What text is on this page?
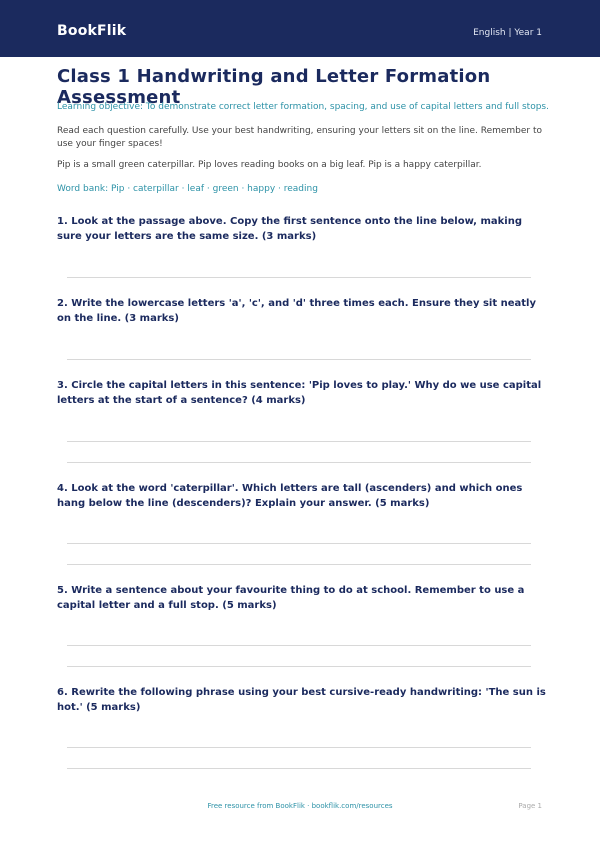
BookFlik	English | Year 1
Class 1 Handwriting and Letter Formation Assessment
Learning objective: To demonstrate correct letter formation, spacing, and use of capital letters and full stops.
Read each question carefully. Use your best handwriting, ensuring your letters sit on the line. Remember to use your finger spaces!
Pip is a small green caterpillar. Pip loves reading books on a big leaf. Pip is a happy caterpillar.
Word bank: Pip · caterpillar · leaf · green · happy · reading
1. Look at the passage above. Copy the first sentence onto the line below, making sure your letters are the same size. (3 marks)
2. Write the lowercase letters 'a', 'c', and 'd' three times each. Ensure they sit neatly on the line. (3 marks)
3. Circle the capital letters in this sentence: 'Pip loves to play.' Why do we use capital letters at the start of a sentence? (4 marks)
4. Look at the word 'caterpillar'. Which letters are tall (ascenders) and which ones hang below the line (descenders)? Explain your answer. (5 marks)
5. Write a sentence about your favourite thing to do at school. Remember to use a capital letter and a full stop. (5 marks)
6. Rewrite the following phrase using your best cursive-ready handwriting: 'The sun is hot.' (5 marks)
Free resource from BookFlik · bookflik.com/resources	Page 1
